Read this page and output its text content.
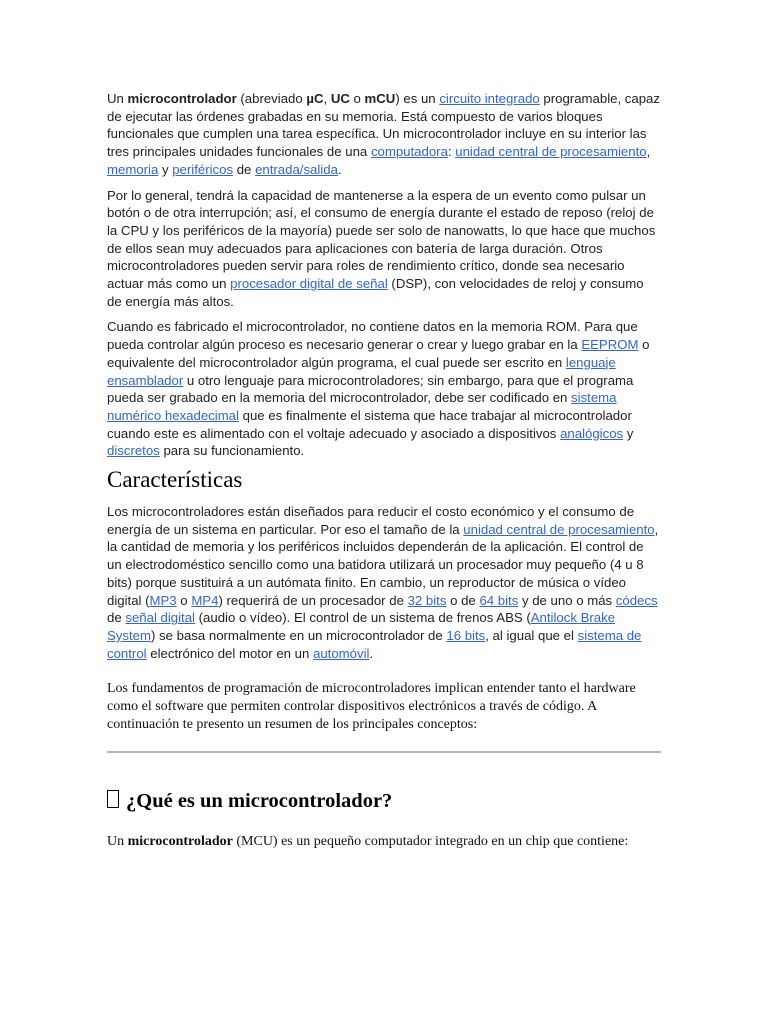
Un microcontrolador (abreviado µC, UC o mCU) es un circuito integrado programable, capaz de ejecutar las órdenes grabadas en su memoria. Está compuesto de varios bloques funcionales que cumplen una tarea específica. Un microcontrolador incluye en su interior las tres principales unidades funcionales de una computadora: unidad central de procesamiento, memoria y periféricos de entrada/salida.

Por lo general, tendrá la capacidad de mantenerse a la espera de un evento como pulsar un botón o de otra interrupción; así, el consumo de energía durante el estado de reposo (reloj de la CPU y los periféricos de la mayoría) puede ser solo de nanowatts, lo que hace que muchos de ellos sean muy adecuados para aplicaciones con batería de larga duración. Otros microcontroladores pueden servir para roles de rendimiento crítico, donde sea necesario actuar más como un procesador digital de señal (DSP), con velocidades de reloj y consumo de energía más altos.

Cuando es fabricado el microcontrolador, no contiene datos en la memoria ROM. Para que pueda controlar algún proceso es necesario generar o crear y luego grabar en la EEPROM o equivalente del microcontrolador algún programa, el cual puede ser escrito en lenguaje ensamblador u otro lenguaje para microcontroladores; sin embargo, para que el programa pueda ser grabado en la memoria del microcontrolador, debe ser codificado en sistema numérico hexadecimal que es finalmente el sistema que hace trabajar al microcontrolador cuando este es alimentado con el voltaje adecuado y asociado a dispositivos analógicos y discretos para su funcionamiento.

Características

Los microcontroladores están diseñados para reducir el costo económico y el consumo de energía de un sistema en particular. Por eso el tamaño de la unidad central de procesamiento, la cantidad de memoria y los periféricos incluidos dependerán de la aplicación. El control de un electrodoméstico sencillo como una batidora utilizará un procesador muy pequeño (4 u 8 bits) porque sustituirá a un autómata finito. En cambio, un reproductor de música o vídeo digital (MP3 o MP4) requerirá de un procesador de 32 bits o de 64 bits y de uno o más códecs de señal digital (audio o vídeo). El control de un sistema de frenos ABS (Antilock Brake System) se basa normalmente en un microcontrolador de 16 bits, al igual que el sistema de control electrónico del motor en un automóvil.

Los fundamentos de programación de microcontroladores implican entender tanto el hardware como el software que permiten controlar dispositivos electrónicos a través de código. A continuación te presento un resumen de los principales conceptos:

¿Qué es un microcontrolador?

Un microcontrolador (MCU) es un pequeño computador integrado en un chip que contiene:
